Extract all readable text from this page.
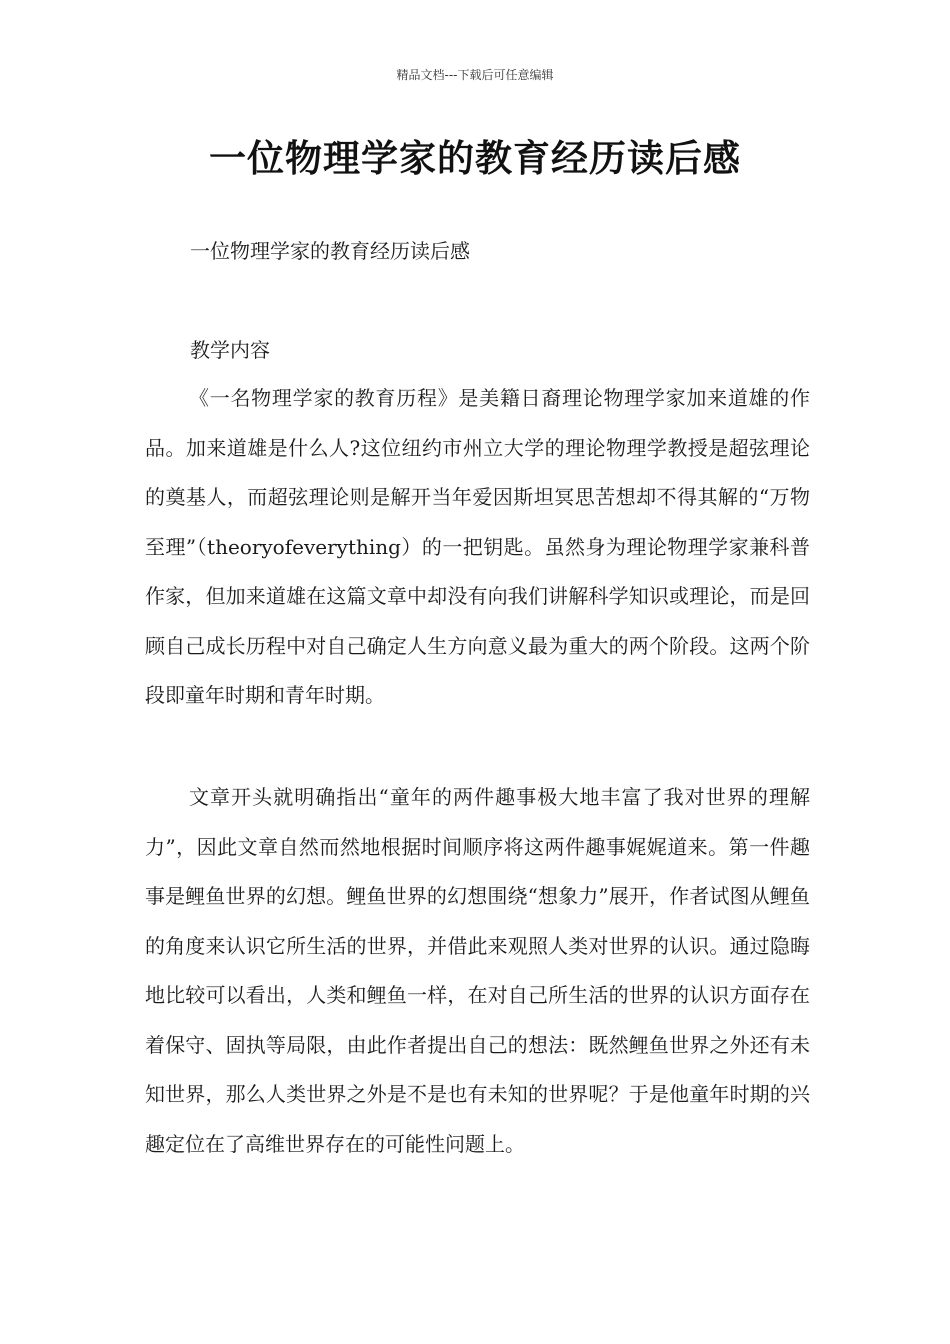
精品文档---下载后可任意编辑
一位物理学家的教育经历读后感
一位物理学家的教育经历读后感
教学内容

《一名物理学家的教育历程》是美籍日裔理论物理学家加来道雄的作品。加来道雄是什么人?这位纽约市州立大学的理论物理学教授是超弦理论的奠基人，而超弦理论则是解开当年爱因斯坦冥思苦想却不得其解的“万物至理”（theoryofeverything）的一把钥匙。虽然身为理论物理学家兼科普作家，但加来道雄在这篇文章中却没有向我们讲解科学知识或理论，而是回顾自己成长历程中对自己确定人生方向意义最为重大的两个阶段。这两个阶段即童年时期和青年时期。

文章开头就明确指出“童年的两件趣事极大地丰富了我对世界的理解力”，因此文章自然而然地根据时间顺序将这两件趣事娓娓道来。第一件趣事是鲤鱼世界的幻想。鲤鱼世界的幻想围绕“想象力”展开，作者试图从鲤鱼的角度来认识它所生活的世界，并借此来观照人类对世界的认识。通过隐晦地比较可以看出，人类和鲤鱼一样，在对自己所生活的世界的认识方面存在着保守、固执等局限，由此作者提出自己的想法：既然鲤鱼世界之外还有未知世界，那么人类世界之外是不是也有未知的世界呢？于是他童年时期的兴趣定位在了高维世界存在的可能性问题上。
